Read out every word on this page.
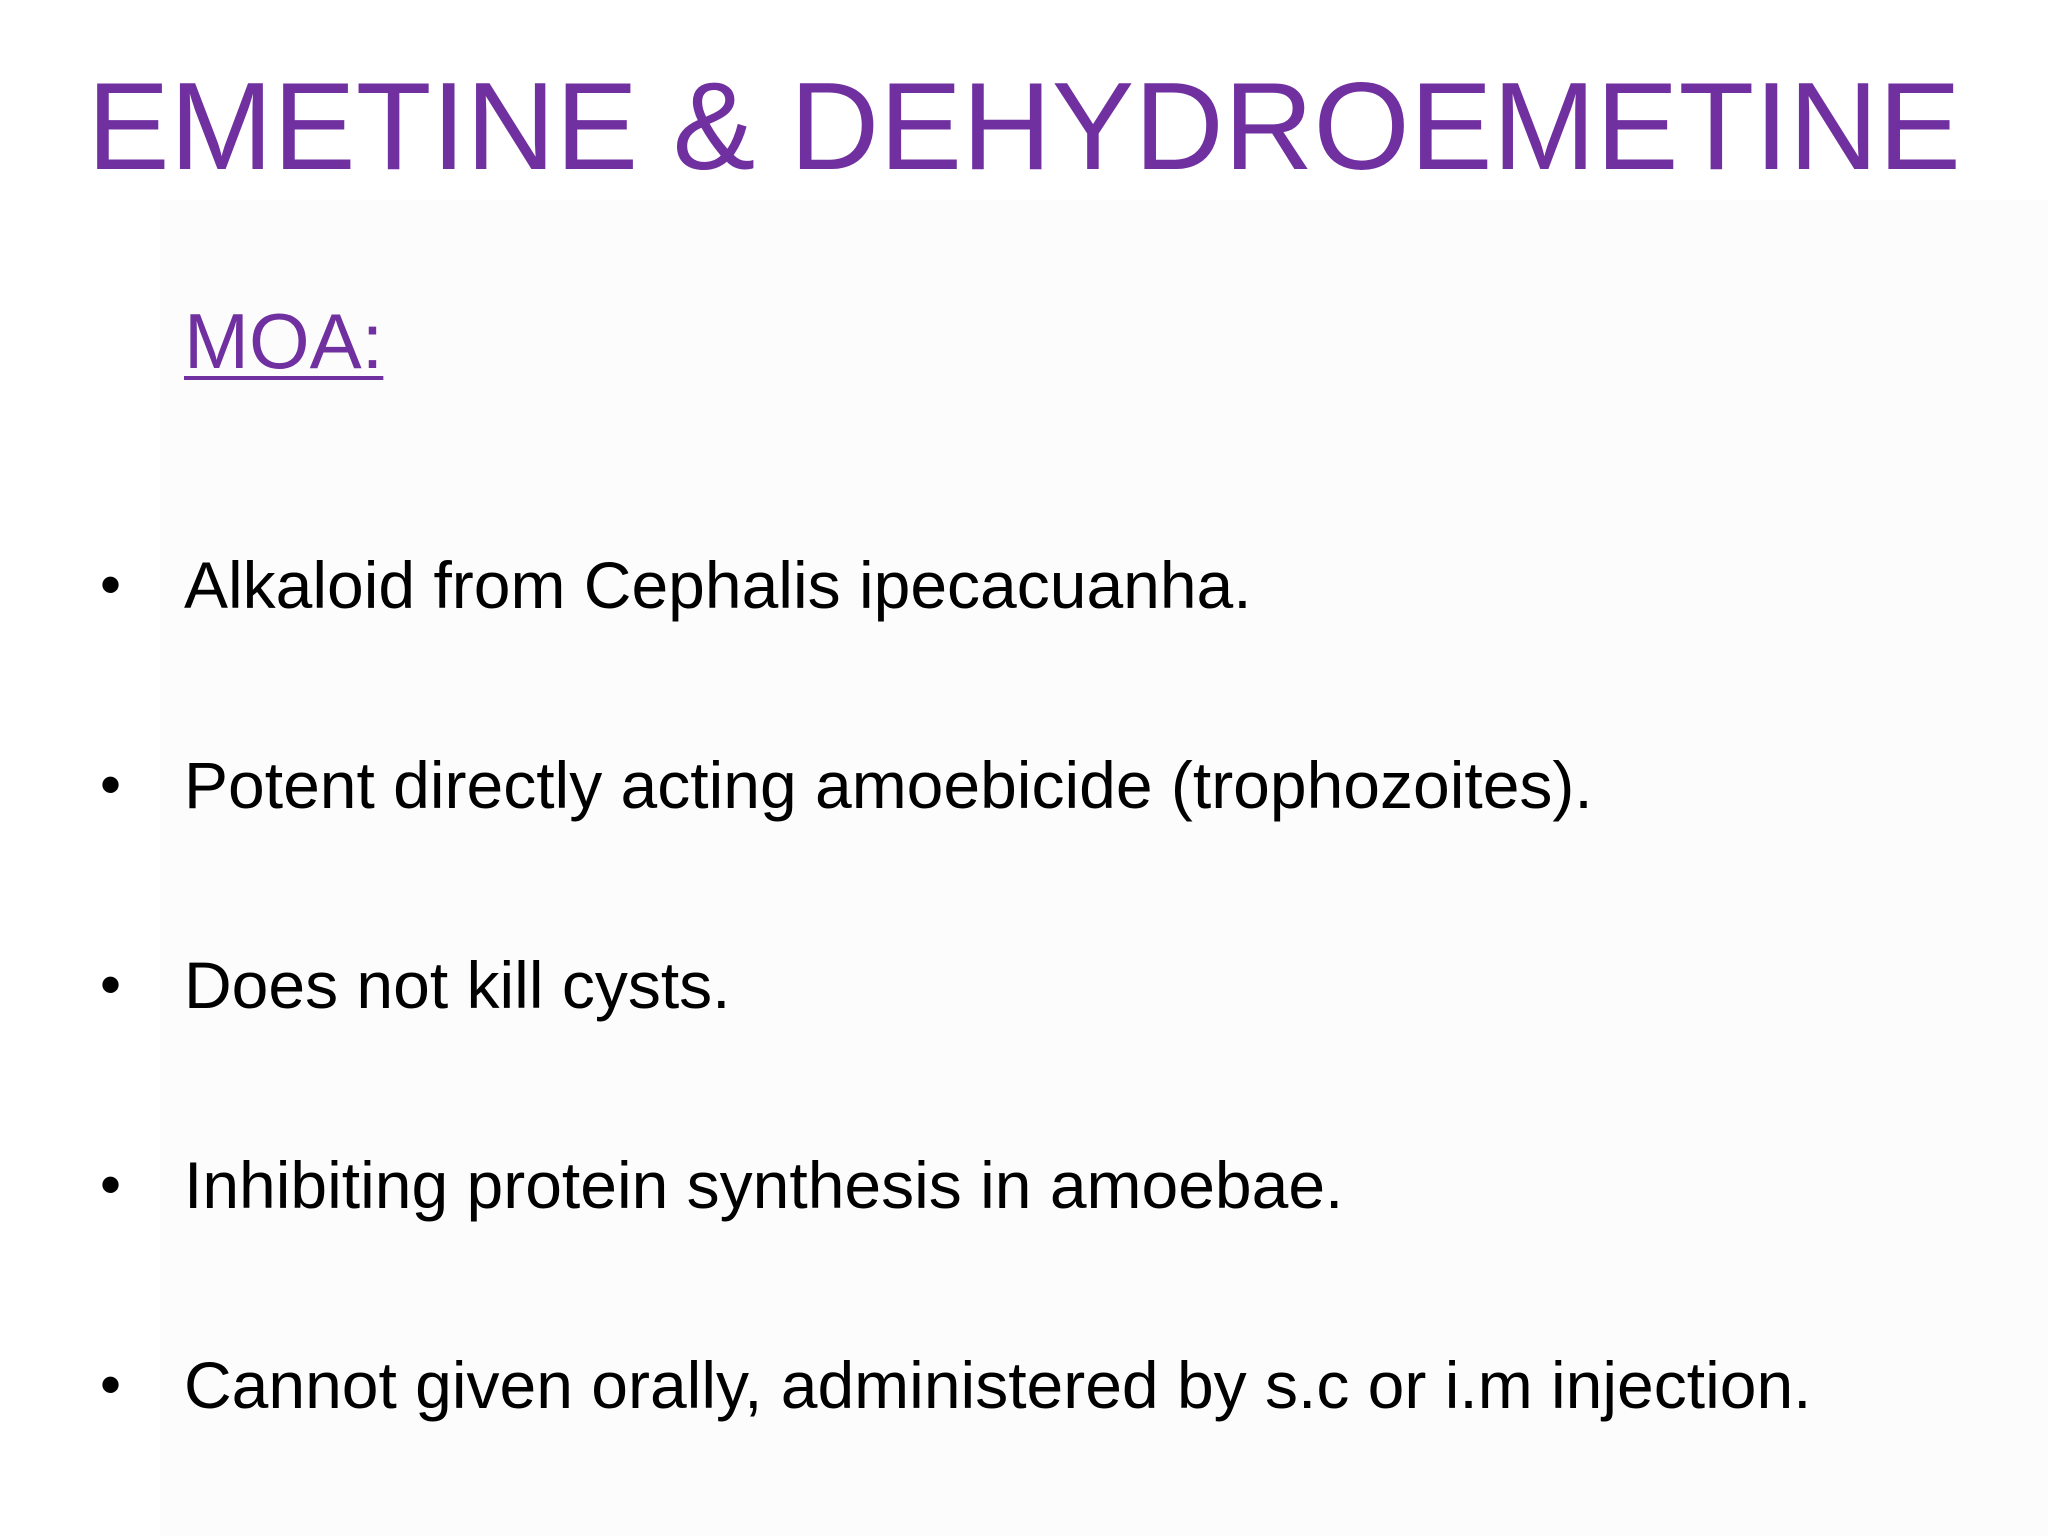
EMETINE & DEHYDROEMETINE
MOA:
• Alkaloid from Cephalis ipecacuanha.
• Potent directly acting amoebicide (trophozoites).
• Does not kill cysts.
• Inhibiting protein synthesis in amoebae.
• Cannot given orally, administered by s.c or i.m injection.
